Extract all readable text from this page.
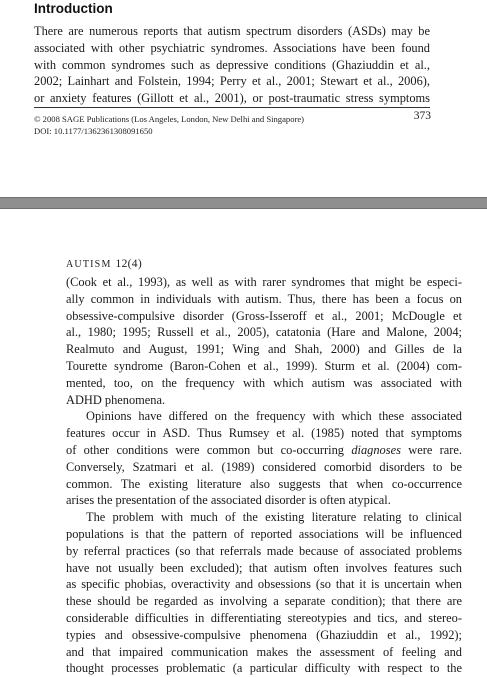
Introduction
There are numerous reports that autism spectrum disorders (ASDs) may be
associated with other psychiatric syndromes. Associations have been found
with common syndromes such as depressive conditions (Ghaziuddin et al.,
2002; Lainhart and Folstein, 1994; Perry et al., 2001; Stewart et al., 2006),
or anxiety features (Gillott et al., 2001), or post-traumatic stress symptoms
© 2008 SAGE Publications (Los Angeles, London, New Delhi and Singapore)
DOI: 10.1177/1362361308091650
373
AUTISM 12(4)
(Cook et al., 1993), as well as with rarer syndromes that might be especi-
ally common in individuals with autism. Thus, there has been a focus on
obsessive-compulsive disorder (Gross-Isseroff et al., 2001; McDougle et
al., 1980; 1995; Russell et al., 2005), catatonia (Hare and Malone, 2004;
Realmuto and August, 1991; Wing and Shah, 2000) and Gilles de la
Tourette syndrome (Baron-Cohen et al., 1999). Sturm et al. (2004) com-
mented, too, on the frequency with which autism was associated with
ADHD phenomena.
Opinions have differed on the frequency with which these associated
features occur in ASD. Thus Rumsey et al. (1985) noted that symptoms
of other conditions were common but co-occurring diagnoses were rare.
Conversely, Szatmari et al. (1989) considered comorbid disorders to be
common. The existing literature also suggests that when co-occurrence
arises the presentation of the associated disorder is often atypical.
The problem with much of the existing literature relating to clinical
populations is that the pattern of reported associations will be influenced
by referral practices (so that referrals made because of associated problems
have not usually been excluded); that autism often involves features such
as specific phobias, overactivity and obsessions (so that it is uncertain when
these should be regarded as involving a separate condition); that there are
considerable difficulties in differentiating stereotypies and tics, and stereo-
typies and obsessive-compulsive phenomena (Ghaziuddin et al., 1992);
and that impaired communication makes the assessment of feeling and
thought processes problematic (a particular difficulty with respect to the
